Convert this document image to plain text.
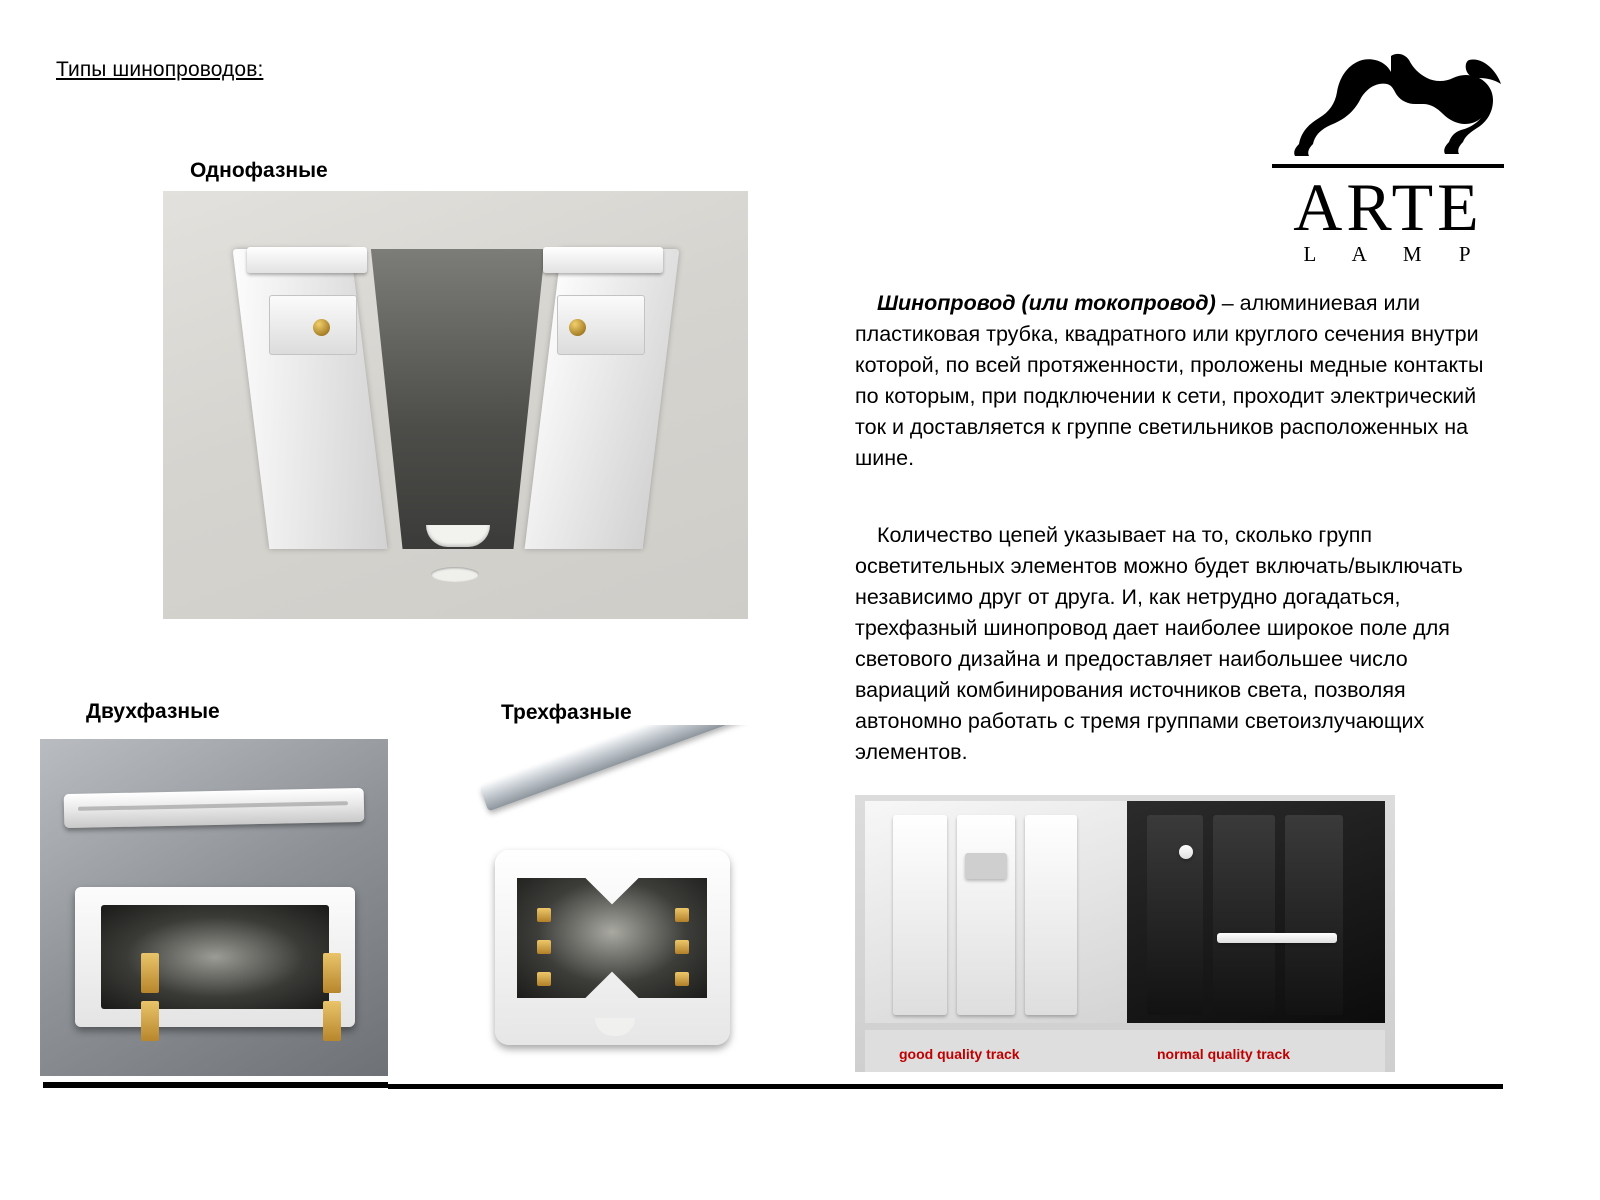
Типы шинопроводов:
ARTE
L A M P
Однофазные
Двухфазные	Трехфазные
Шинопровод (или токопровод) – алюминиевая или пластиковая трубка, квадратного или круглого сечения внутри которой, по всей протяженности, проложены медные контакты по которым, при подключении к сети, проходит электрический ток и доставляется к группе светильников расположенных на шине.
Количество цепей указывает на то, сколько групп осветительных элементов можно будет включать/выключать независимо друг от друга. И, как нетрудно догадаться, трехфазный шинопровод дает наиболее широкое поле для светового дизайна и предоставляет наибольшее число вариаций комбинирования источников света, позволяя автономно работать с тремя группами светоизлучающих элементов.
good quality track	normal quality track
